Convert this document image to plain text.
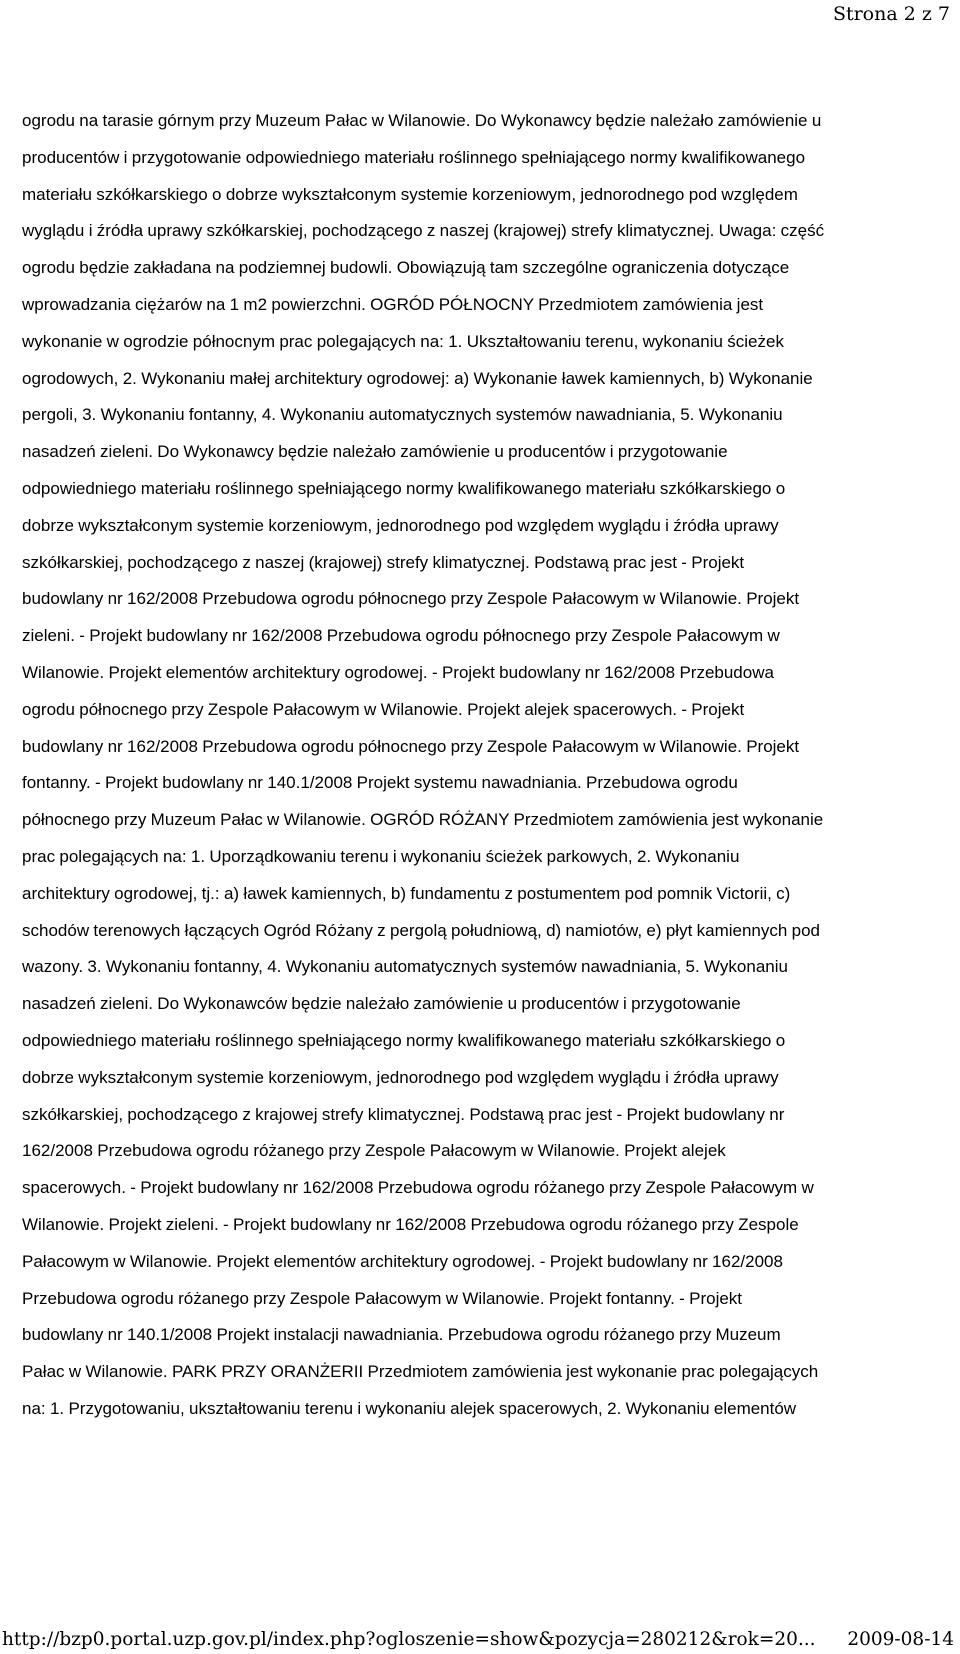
Strona 2 z 7
ogrodu na tarasie górnym przy Muzeum Pałac w Wilanowie. Do Wykonawcy będzie należało zamówienie u
producentów i przygotowanie odpowiedniego materiału roślinnego spełniającego normy kwalifikowanego
materiału szkółkarskiego o dobrze wykształconym systemie korzeniowym, jednorodnego pod względem
wyglądu i źródła uprawy szkółkarskiej, pochodzącego z naszej (krajowej) strefy klimatycznej. Uwaga: część
ogrodu będzie zakładana na podziemnej budowli. Obowiązują tam szczególne ograniczenia dotyczące
wprowadzania ciężarów na 1 m2 powierzchni. OGRÓD PÓŁNOCNY Przedmiotem zamówienia jest
wykonanie w ogrodzie północnym prac polegających na: 1. Ukształtowaniu terenu, wykonaniu ścieżek
ogrodowych, 2. Wykonaniu małej architektury ogrodowej: a) Wykonanie ławek kamiennych, b) Wykonanie
pergoli, 3. Wykonaniu fontanny, 4. Wykonaniu automatycznych systemów nawadniania, 5. Wykonaniu
nasadzeń zieleni. Do Wykonawcy będzie należało zamówienie u producentów i przygotowanie
odpowiedniego materiału roślinnego spełniającego normy kwalifikowanego materiału szkółkarskiego o
dobrze wykształconym systemie korzeniowym, jednorodnego pod względem wyglądu i źródła uprawy
szkółkarskiej, pochodzącego z naszej (krajowej) strefy klimatycznej. Podstawą prac jest - Projekt
budowlany nr 162/2008 Przebudowa ogrodu północnego przy Zespole Pałacowym w Wilanowie. Projekt
zieleni. - Projekt budowlany nr 162/2008 Przebudowa ogrodu północnego przy Zespole Pałacowym w
Wilanowie. Projekt elementów architektury ogrodowej. - Projekt budowlany nr 162/2008 Przebudowa
ogrodu północnego przy Zespole Pałacowym w Wilanowie. Projekt alejek spacerowych. - Projekt
budowlany nr 162/2008 Przebudowa ogrodu północnego przy Zespole Pałacowym w Wilanowie. Projekt
fontanny. - Projekt budowlany nr 140.1/2008 Projekt systemu nawadniania. Przebudowa ogrodu
północnego przy Muzeum Pałac w Wilanowie. OGRÓD RÓŻANY Przedmiotem zamówienia jest wykonanie
prac polegających na: 1. Uporządkowaniu terenu i wykonaniu ścieżek parkowych, 2. Wykonaniu
architektury ogrodowej, tj.: a) ławek kamiennych, b) fundamentu z postumentem pod pomnik Victorii, c)
schodów terenowych łączących Ogród Różany z pergolą południową, d) namiotów, e) płyt kamiennych pod
wazony. 3. Wykonaniu fontanny, 4. Wykonaniu automatycznych systemów nawadniania, 5. Wykonaniu
nasadzeń zieleni. Do Wykonawców będzie należało zamówienie u producentów i przygotowanie
odpowiedniego materiału roślinnego spełniającego normy kwalifikowanego materiału szkółkarskiego o
dobrze wykształconym systemie korzeniowym, jednorodnego pod względem wyglądu i źródła uprawy
szkółkarskiej, pochodzącego z krajowej strefy klimatycznej. Podstawą prac jest - Projekt budowlany nr
162/2008 Przebudowa ogrodu różanego przy Zespole Pałacowym w Wilanowie. Projekt alejek
spacerowych. - Projekt budowlany nr 162/2008 Przebudowa ogrodu różanego przy Zespole Pałacowym w
Wilanowie. Projekt zieleni. - Projekt budowlany nr 162/2008 Przebudowa ogrodu różanego przy Zespole
Pałacowym w Wilanowie. Projekt elementów architektury ogrodowej. - Projekt budowlany nr 162/2008
Przebudowa ogrodu różanego przy Zespole Pałacowym w Wilanowie. Projekt fontanny. - Projekt
budowlany nr 140.1/2008 Projekt instalacji nawadniania. Przebudowa ogrodu różanego przy Muzeum
Pałac w Wilanowie. PARK PRZY ORANŻERII Przedmiotem zamówienia jest wykonanie prac polegających
na: 1. Przygotowaniu, ukształtowaniu terenu i wykonaniu alejek spacerowych, 2. Wykonaniu elementów
http://bzp0.portal.uzp.gov.pl/index.php?ogloszenie=show&pozycja=280212&rok=20... 2009-08-14
